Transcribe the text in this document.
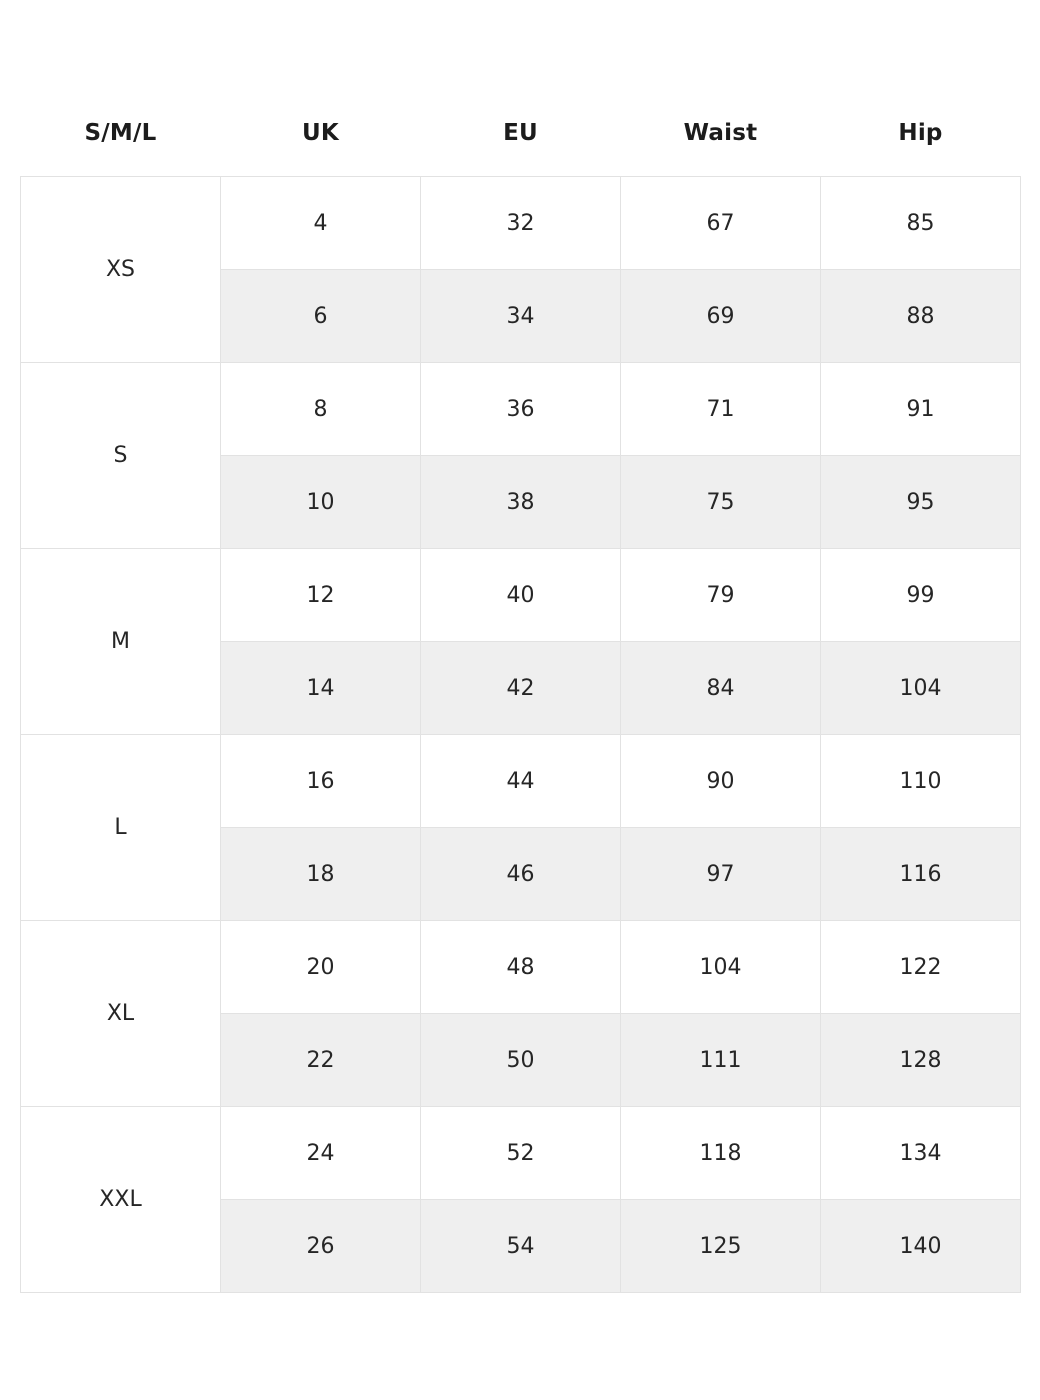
S/M/L	UK	EU	Waist	Hip
XS	4	32	67	85
	6	34	69	88
S	8	36	71	91
	10	38	75	95
M	12	40	79	99
	14	42	84	104
L	16	44	90	110
	18	46	97	116
XL	20	48	104	122
	22	50	111	128
XXL	24	52	118	134
	26	54	125	140
